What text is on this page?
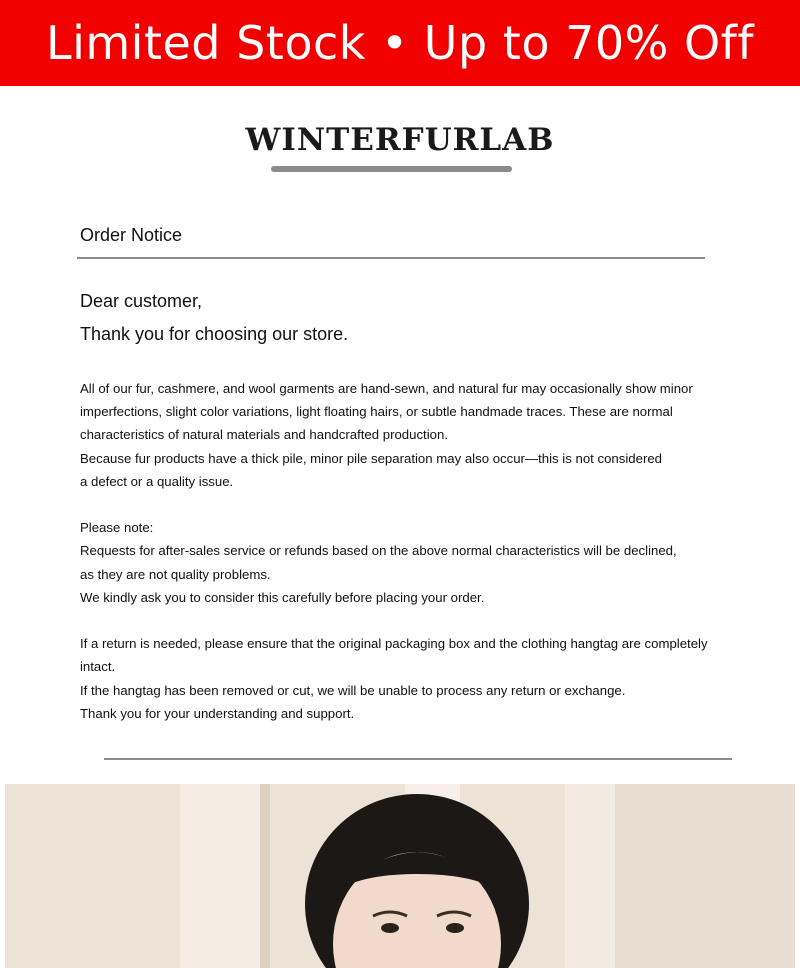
Limited Stock • Up to 70% Off
WINTERFURLAB
Order Notice
Dear customer,
Thank you for choosing our store.

All of our fur, cashmere, and wool garments are hand-sewn, and natural fur may occasionally show minor

imperfections, slight color variations, light floating hairs, or subtle handmade traces. These are normal

characteristics of natural materials and handcrafted production.

Because fur products have a thick pile, minor pile separation may also occur—this is not considered

a defect or a quality issue.

Please note:

Requests for after-sales service or refunds based on the above normal characteristics will be declined,

as they are not quality problems.

We kindly ask you to consider this carefully before placing your order.

If a return is needed, please ensure that the original packaging box and the clothing hangtag are completely

intact.

If the hangtag has been removed or cut, we will be unable to process any return or exchange.

Thank you for your understanding and support.
